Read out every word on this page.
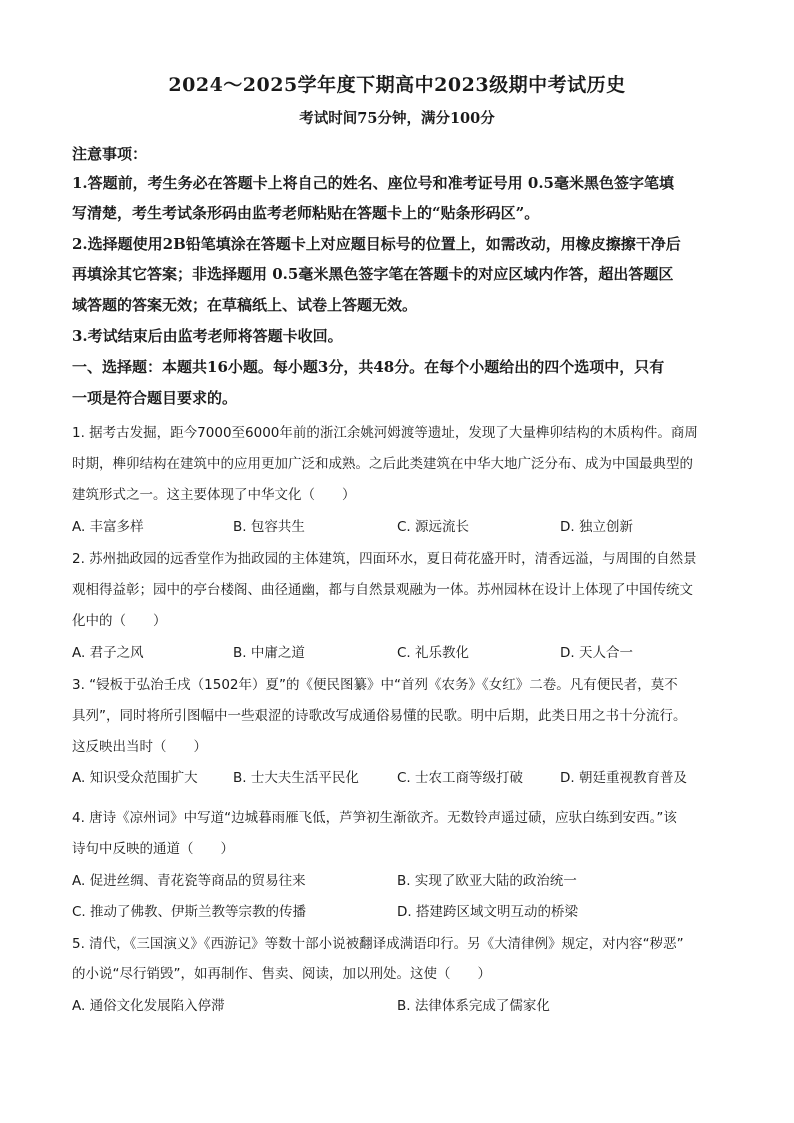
2024～2025学年度下期高中2023级期中考试历史
考试时间75分钟，满分100分
注意事项：
1.答题前，考生务必在答题卡上将自己的姓名、座位号和准考证号用 0.5毫米黑色签字笔填
写清楚，考生考试条形码由监考老师粘贴在答题卡上的“贴条形码区”。
2.选择题使用2B铅笔填涂在答题卡上对应题目标号的位置上，如需改动，用橡皮擦擦干净后
再填涂其它答案；非选择题用 0.5毫米黑色签字笔在答题卡的对应区域内作答，超出答题区
域答题的答案无效；在草稿纸上、试卷上答题无效。
3.考试结束后由监考老师将答题卡收回。
一、选择题：本题共16小题。每小题3分，共48分。在每个小题给出的四个选项中，只有
一项是符合题目要求的。
1. 据考古发掘，距今7000至6000年前的浙江余姚河姆渡等遗址，发现了大量榫卯结构的木质构件。商周
时期，榫卯结构在建筑中的应用更加广泛和成熟。之后此类建筑在中华大地广泛分布、成为中国最典型的
建筑形式之一。这主要体现了中华文化（　　）
A. 丰富多样	B. 包容共生	C. 源远流长	D. 独立创新
2. 苏州拙政园的远香堂作为拙政园的主体建筑，四面环水，夏日荷花盛开时，清香远溢，与周围的自然景
观相得益彰；园中的亭台楼阁、曲径通幽，都与自然景观融为一体。苏州园林在设计上体现了中国传统文
化中的（　　）
A. 君子之风	B. 中庸之道	C. 礼乐教化	D. 天人合一
3. “锓板于弘治壬戌（1502年）夏”的《便民图纂》中“首列《农务》《女红》二卷。凡有便民者，莫不
具列”，同时将所引图幅中一些艰涩的诗歌改写成通俗易懂的民歌。明中后期，此类日用之书十分流行。
这反映出当时（　　）
A. 知识受众范围扩大	B. 士大夫生活平民化	C. 士农工商等级打破	D. 朝廷重视教育普及
4. 唐诗《凉州词》中写道“边城暮雨雁飞低，芦笋初生渐欲齐。无数铃声遥过碛，应驮白练到安西。”该
诗句中反映的通道（　　）
A. 促进丝绸、青花瓷等商品的贸易往来	B. 实现了欧亚大陆的政治统一
C. 推动了佛教、伊斯兰教等宗教的传播	D. 搭建跨区域文明互动的桥梁
5. 清代，《三国演义》《西游记》等数十部小说被翻译成满语印行。另《大清律例》规定，对内容“秽恶”
的小说“尽行销毁”，如再制作、售卖、阅读，加以刑处。这使（　　）
A. 通俗文化发展陷入停滞	B. 法律体系完成了儒家化
